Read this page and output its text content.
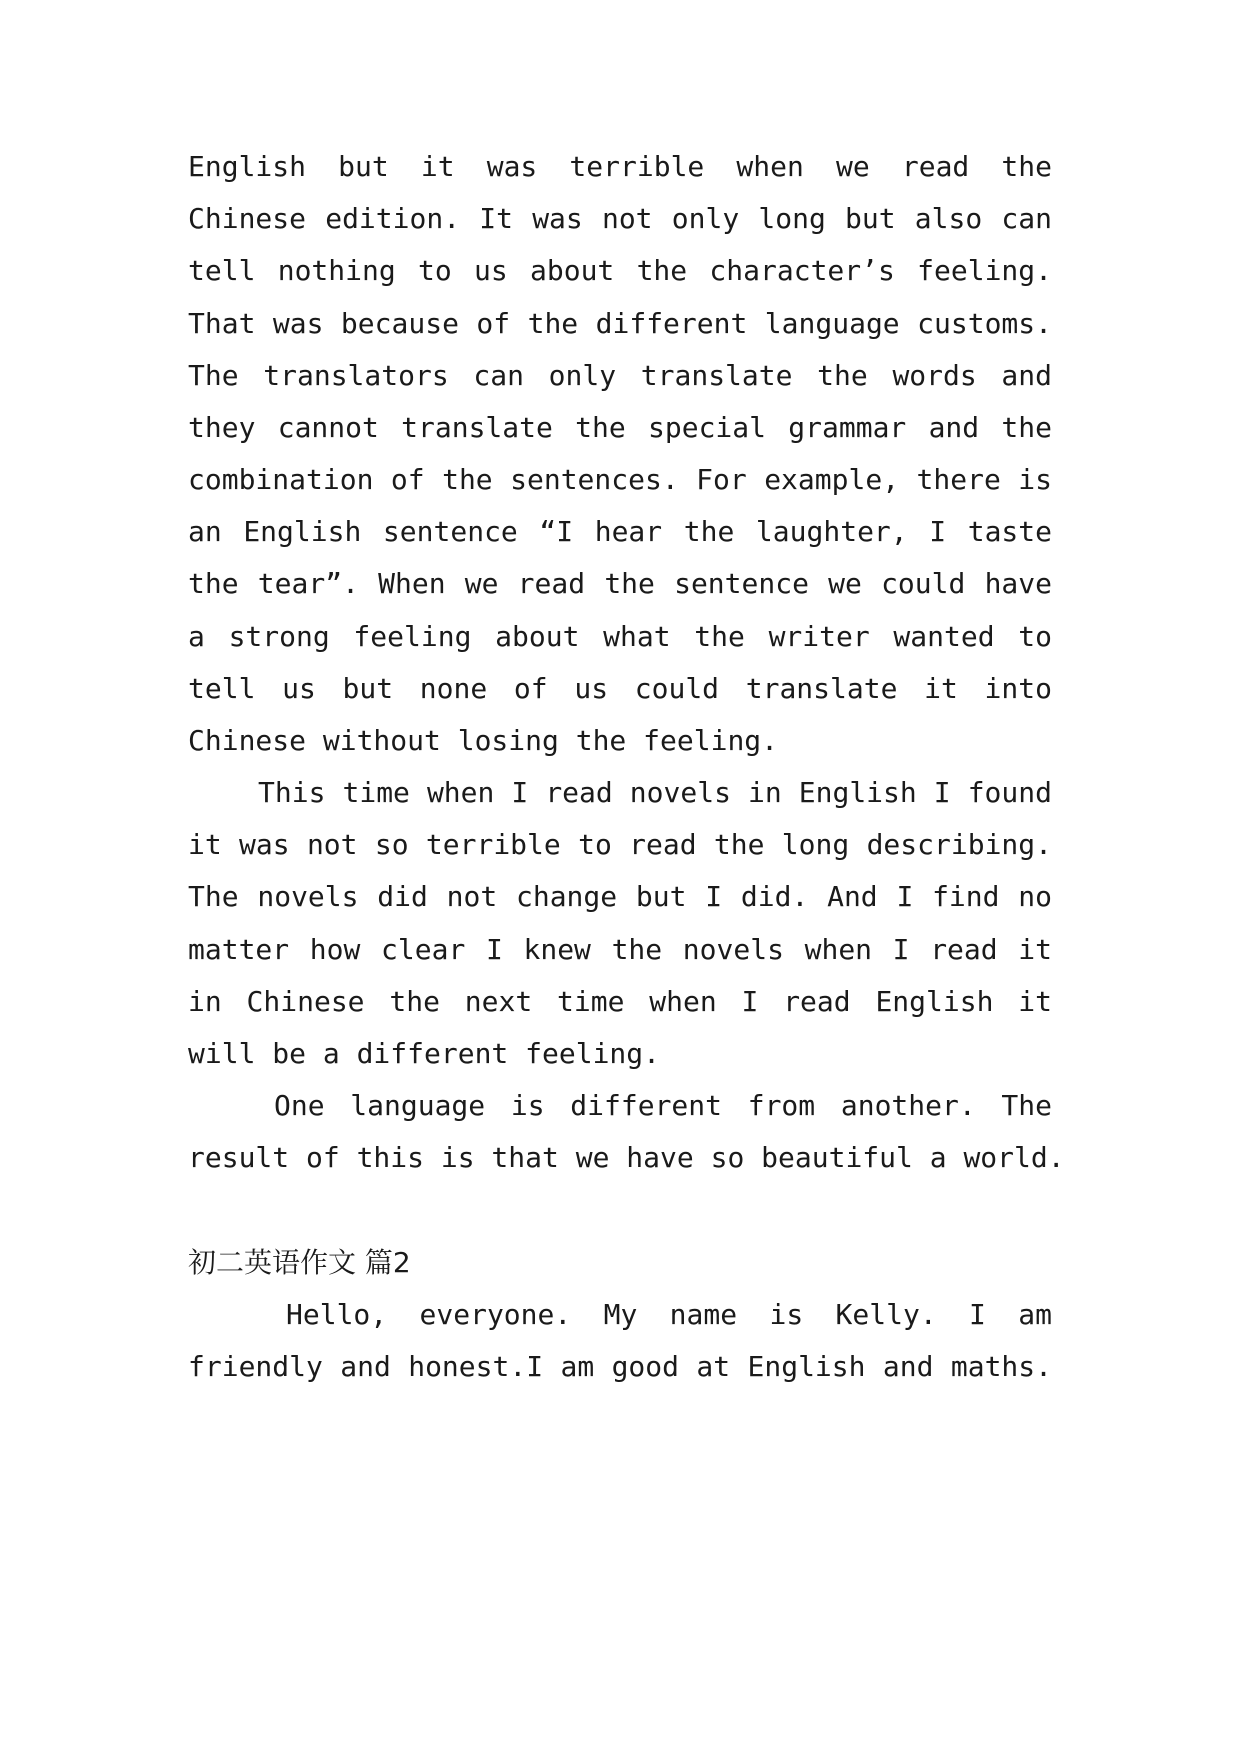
English but it was terrible when we read the

Chinese edition. It was not only long but also can

tell nothing to us about the character’s feeling.

That was because of the different language customs.

The translators can only translate the words and

they cannot translate the special grammar and the

combination of the sentences. For example, there is

an English sentence “I hear the laughter, I taste

the tear”. When we read the sentence we could have

a strong feeling about what the writer wanted to

tell us but none of us could translate it into

Chinese without losing the feeling.

This time when I read novels in English I found

it was not so terrible to read the long describing.

The novels did not change but I did. And I find no

matter how clear I knew the novels when I read it

in Chinese the next time when I read English it

will be a different feeling.

One language is different from another. The

result of this is that we have so beautiful a world.

初二英语作文 篇2

Hello, everyone. My name is Kelly. I am

friendly and honest.I am good at English and maths.
